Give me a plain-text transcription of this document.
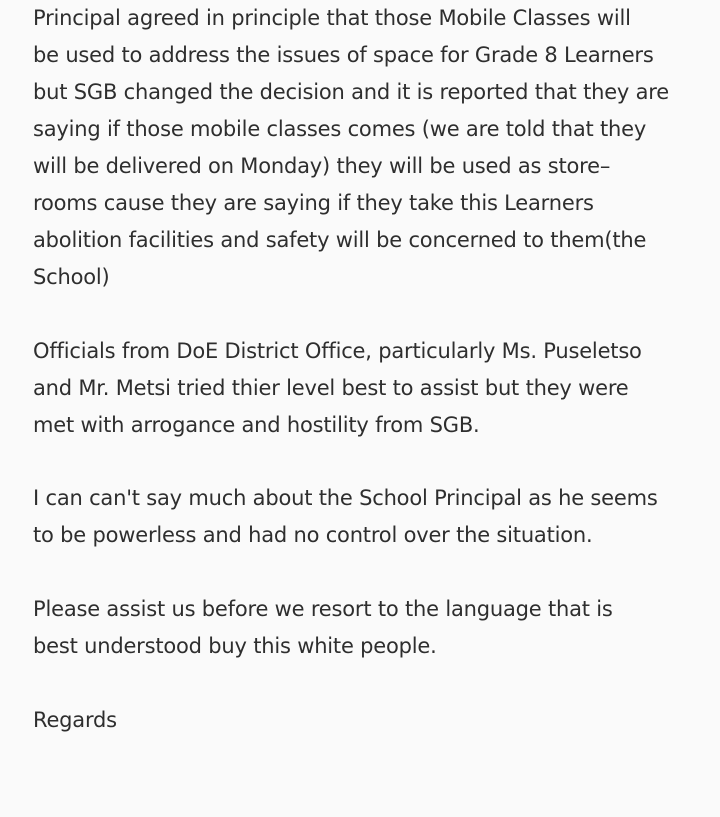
Principal agreed in principle that those Mobile Classes will
be used to address the issues of space for Grade 8 Learners
but SGB changed the decision and it is reported that they are
saying if those mobile classes comes (we are told that they
will be delivered on Monday) they will be used as store–
rooms cause they are saying if they take this Learners
abolition facilities and safety will be concerned to them(the
School)

Officials from DoE District Office, particularly Ms. Puseletso
and Mr. Metsi tried thier level best to assist but they were
met with arrogance and hostility from SGB.

I can can't say much about the School Principal as he seems
to be powerless and had no control over the situation.

Please assist us before we resort to the language that is
best understood buy this white people.

Regards
